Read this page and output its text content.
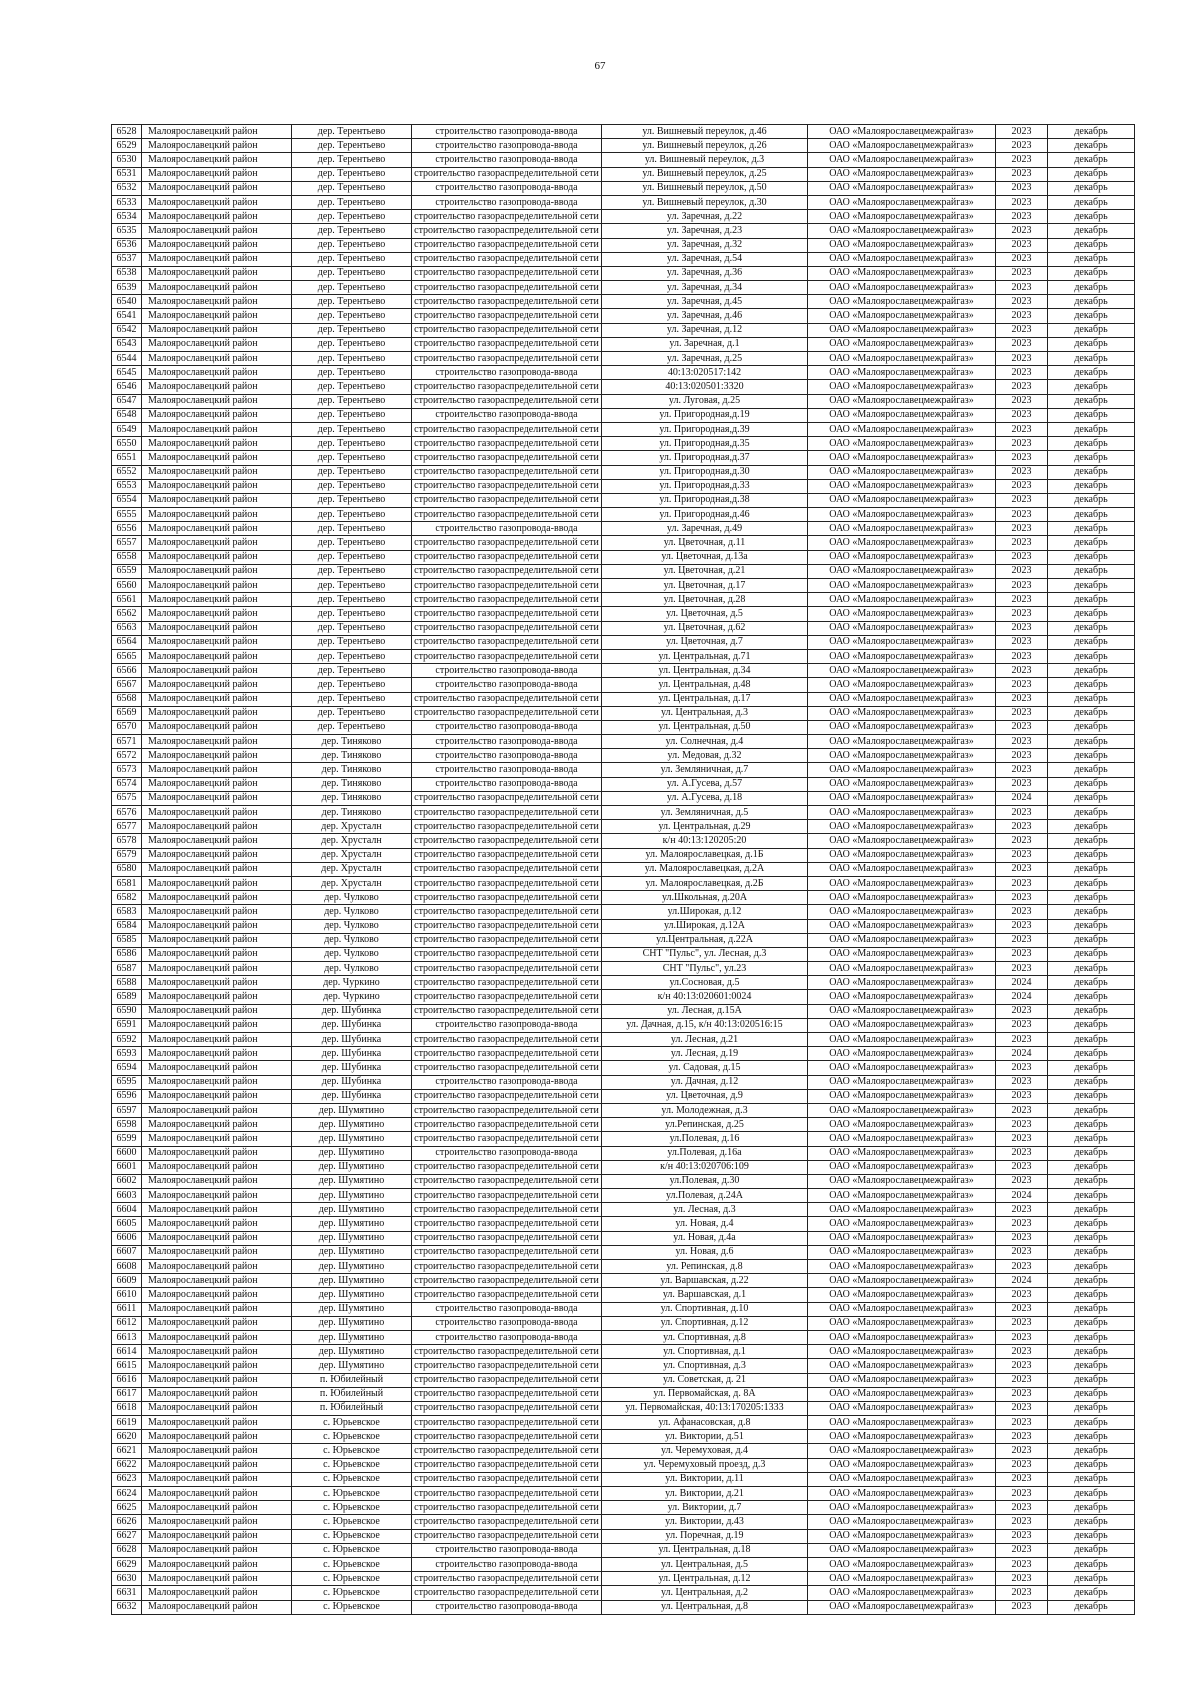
67
6528	Малоярославецкий район	дер. Терентьево	строительство газопровода-ввода	ул. Вишневый переулок, д.46	ОАО «Малоярославецмежрайгаз»	2023	декабрь
6529	Малоярославецкий район	дер. Терентьево	строительство газопровода-ввода	ул. Вишневый переулок, д.26	ОАО «Малоярославецмежрайгаз»	2023	декабрь
6530	Малоярославецкий район	дер. Терентьево	строительство газопровода-ввода	ул. Вишневый переулок, д.3	ОАО «Малоярославецмежрайгаз»	2023	декабрь
6531	Малоярославецкий район	дер. Терентьево	строительство газораспределительной сети	ул. Вишневый переулок, д.25	ОАО «Малоярославецмежрайгаз»	2023	декабрь
6532	Малоярославецкий район	дер. Терентьево	строительство газопровода-ввода	ул. Вишневый переулок, д.50	ОАО «Малоярославецмежрайгаз»	2023	декабрь
6533	Малоярославецкий район	дер. Терентьево	строительство газопровода-ввода	ул. Вишневый переулок, д.30	ОАО «Малоярославецмежрайгаз»	2023	декабрь
6534	Малоярославецкий район	дер. Терентьево	строительство газораспределительной сети	ул. Заречная, д.22	ОАО «Малоярославецмежрайгаз»	2023	декабрь
6535	Малоярославецкий район	дер. Терентьево	строительство газораспределительной сети	ул. Заречная, д.23	ОАО «Малоярославецмежрайгаз»	2023	декабрь
6536	Малоярославецкий район	дер. Терентьево	строительство газораспределительной сети	ул. Заречная, д.32	ОАО «Малоярославецмежрайгаз»	2023	декабрь
6537	Малоярославецкий район	дер. Терентьево	строительство газораспределительной сети	ул. Заречная, д.54	ОАО «Малоярославецмежрайгаз»	2023	декабрь
6538	Малоярославецкий район	дер. Терентьево	строительство газораспределительной сети	ул. Заречная, д.36	ОАО «Малоярославецмежрайгаз»	2023	декабрь
6539	Малоярославецкий район	дер. Терентьево	строительство газораспределительной сети	ул. Заречная, д.34	ОАО «Малоярославецмежрайгаз»	2023	декабрь
6540	Малоярославецкий район	дер. Терентьево	строительство газораспределительной сети	ул. Заречная, д.45	ОАО «Малоярославецмежрайгаз»	2023	декабрь
6541	Малоярославецкий район	дер. Терентьево	строительство газораспределительной сети	ул. Заречная, д.46	ОАО «Малоярославецмежрайгаз»	2023	декабрь
6542	Малоярославецкий район	дер. Терентьево	строительство газораспределительной сети	ул. Заречная, д.12	ОАО «Малоярославецмежрайгаз»	2023	декабрь
6543	Малоярославецкий район	дер. Терентьево	строительство газораспределительной сети	ул. Заречная, д.1	ОАО «Малоярославецмежрайгаз»	2023	декабрь
6544	Малоярославецкий район	дер. Терентьево	строительство газораспределительной сети	ул. Заречная, д.25	ОАО «Малоярославецмежрайгаз»	2023	декабрь
6545	Малоярославецкий район	дер. Терентьево	строительство газопровода-ввода	40:13:020517:142	ОАО «Малоярославецмежрайгаз»	2023	декабрь
6546	Малоярославецкий район	дер. Терентьево	строительство газораспределительной сети	40:13:020501:3320	ОАО «Малоярославецмежрайгаз»	2023	декабрь
6547	Малоярославецкий район	дер. Терентьево	строительство газораспределительной сети	ул. Луговая, д.25	ОАО «Малоярославецмежрайгаз»	2023	декабрь
6548	Малоярославецкий район	дер. Терентьево	строительство газопровода-ввода	ул. Пригородная,д.19	ОАО «Малоярославецмежрайгаз»	2023	декабрь
6549	Малоярославецкий район	дер. Терентьево	строительство газораспределительной сети	ул. Пригородная,д.39	ОАО «Малоярославецмежрайгаз»	2023	декабрь
6550	Малоярославецкий район	дер. Терентьево	строительство газораспределительной сети	ул. Пригородная,д.35	ОАО «Малоярославецмежрайгаз»	2023	декабрь
6551	Малоярославецкий район	дер. Терентьево	строительство газораспределительной сети	ул. Пригородная,д.37	ОАО «Малоярославецмежрайгаз»	2023	декабрь
6552	Малоярославецкий район	дер. Терентьево	строительство газораспределительной сети	ул. Пригородная,д.30	ОАО «Малоярославецмежрайгаз»	2023	декабрь
6553	Малоярославецкий район	дер. Терентьево	строительство газораспределительной сети	ул. Пригородная,д.33	ОАО «Малоярославецмежрайгаз»	2023	декабрь
6554	Малоярославецкий район	дер. Терентьево	строительство газораспределительной сети	ул. Пригородная,д.38	ОАО «Малоярославецмежрайгаз»	2023	декабрь
6555	Малоярославецкий район	дер. Терентьево	строительство газораспределительной сети	ул. Пригородная,д.46	ОАО «Малоярославецмежрайгаз»	2023	декабрь
6556	Малоярославецкий район	дер. Терентьево	строительство газопровода-ввода	ул. Заречная, д.49	ОАО «Малоярославецмежрайгаз»	2023	декабрь
6557	Малоярославецкий район	дер. Терентьево	строительство газораспределительной сети	ул. Цветочная, д.11	ОАО «Малоярославецмежрайгаз»	2023	декабрь
6558	Малоярославецкий район	дер. Терентьево	строительство газораспределительной сети	ул. Цветочная, д.13а	ОАО «Малоярославецмежрайгаз»	2023	декабрь
6559	Малоярославецкий район	дер. Терентьево	строительство газораспределительной сети	ул. Цветочная, д.21	ОАО «Малоярославецмежрайгаз»	2023	декабрь
6560	Малоярославецкий район	дер. Терентьево	строительство газораспределительной сети	ул. Цветочная, д.17	ОАО «Малоярославецмежрайгаз»	2023	декабрь
6561	Малоярославецкий район	дер. Терентьево	строительство газораспределительной сети	ул. Цветочная, д.28	ОАО «Малоярославецмежрайгаз»	2023	декабрь
6562	Малоярославецкий район	дер. Терентьево	строительство газораспределительной сети	ул. Цветочная, д.5	ОАО «Малоярославецмежрайгаз»	2023	декабрь
6563	Малоярославецкий район	дер. Терентьево	строительство газораспределительной сети	ул. Цветочная, д.62	ОАО «Малоярославецмежрайгаз»	2023	декабрь
6564	Малоярославецкий район	дер. Терентьево	строительство газораспределительной сети	ул. Цветочная, д.7	ОАО «Малоярославецмежрайгаз»	2023	декабрь
6565	Малоярославецкий район	дер. Терентьево	строительство газораспределительной сети	ул. Центральная, д.71	ОАО «Малоярославецмежрайгаз»	2023	декабрь
6566	Малоярославецкий район	дер. Терентьево	строительство газопровода-ввода	ул. Центральная, д.34	ОАО «Малоярославецмежрайгаз»	2023	декабрь
6567	Малоярославецкий район	дер. Терентьево	строительство газопровода-ввода	ул. Центральная, д.48	ОАО «Малоярославецмежрайгаз»	2023	декабрь
6568	Малоярославецкий район	дер. Терентьево	строительство газораспределительной сети	ул. Центральная, д.17	ОАО «Малоярославецмежрайгаз»	2023	декабрь
6569	Малоярославецкий район	дер. Терентьево	строительство газораспределительной сети	ул. Центральная, д.3	ОАО «Малоярославецмежрайгаз»	2023	декабрь
6570	Малоярославецкий район	дер. Терентьево	строительство газопровода-ввода	ул. Центральная, д.50	ОАО «Малоярославецмежрайгаз»	2023	декабрь
6571	Малоярославецкий район	дер. Тиняково	строительство газопровода-ввода	ул. Солнечная, д.4	ОАО «Малоярославецмежрайгаз»	2023	декабрь
6572	Малоярославецкий район	дер. Тиняково	строительство газопровода-ввода	ул. Медовая, д.32	ОАО «Малоярославецмежрайгаз»	2023	декабрь
6573	Малоярославецкий район	дер. Тиняково	строительство газопровода-ввода	ул. Земляничная, д.7	ОАО «Малоярославецмежрайгаз»	2023	декабрь
6574	Малоярославецкий район	дер. Тиняково	строительство газопровода-ввода	ул. А.Гусева, д.57	ОАО «Малоярославецмежрайгаз»	2023	декабрь
6575	Малоярославецкий район	дер. Тиняково	строительство газораспределительной сети	ул. А.Гусева, д.18	ОАО «Малоярославецмежрайгаз»	2024	декабрь
6576	Малоярославецкий район	дер. Тиняково	строительство газораспределительной сети	ул. Земляничная, д.5	ОАО «Малоярославецмежрайгаз»	2023	декабрь
6577	Малоярославецкий район	дер. Хрусталн	строительство газораспределительной сети	ул. Центральная, д.29	ОАО «Малоярославецмежрайгаз»	2023	декабрь
6578	Малоярославецкий район	дер. Хрусталн	строительство газораспределительной сети	к/н 40:13:120205:20	ОАО «Малоярославецмежрайгаз»	2023	декабрь
6579	Малоярославецкий район	дер. Хрусталн	строительство газораспределительной сети	ул. Малоярославецкая, д.1Б	ОАО «Малоярославецмежрайгаз»	2023	декабрь
6580	Малоярославецкий район	дер. Хрусталн	строительство газораспределительной сети	ул. Малоярославецкая, д.2А	ОАО «Малоярославецмежрайгаз»	2023	декабрь
6581	Малоярославецкий район	дер. Хрусталн	строительство газораспределительной сети	ул. Малоярославецкая, д.2Б	ОАО «Малоярославецмежрайгаз»	2023	декабрь
6582	Малоярославецкий район	дер. Чулково	строительство газораспределительной сети	ул.Школьная, д.20А	ОАО «Малоярославецмежрайгаз»	2023	декабрь
6583	Малоярославецкий район	дер. Чулково	строительство газораспределительной сети	ул.Широкая, д.12	ОАО «Малоярославецмежрайгаз»	2023	декабрь
6584	Малоярославецкий район	дер. Чулково	строительство газораспределительной сети	ул.Широкая, д.12А	ОАО «Малоярославецмежрайгаз»	2023	декабрь
6585	Малоярославецкий район	дер. Чулково	строительство газораспределительной сети	ул.Центральная, д.22А	ОАО «Малоярославецмежрайгаз»	2023	декабрь
6586	Малоярославецкий район	дер. Чулково	строительство газораспределительной сети	СНТ "Пульс", ул. Лесная, д.3	ОАО «Малоярославецмежрайгаз»	2023	декабрь
6587	Малоярославецкий район	дер. Чулково	строительство газораспределительной сети	СНТ "Пульс", ул.23	ОАО «Малоярославецмежрайгаз»	2023	декабрь
6588	Малоярославецкий район	дер. Чуркино	строительство газораспределительной сети	ул.Сосновая, д.5	ОАО «Малоярославецмежрайгаз»	2024	декабрь
6589	Малоярославецкий район	дер. Чуркино	строительство газораспределительной сети	к/н 40:13:020601:0024	ОАО «Малоярославецмежрайгаз»	2024	декабрь
6590	Малоярославецкий район	дер. Шубинка	строительство газораспределительной сети	ул. Лесная, д.15А	ОАО «Малоярославецмежрайгаз»	2023	декабрь
6591	Малоярославецкий район	дер. Шубинка	строительство газопровода-ввода	ул. Дачная, д.15, к/н 40:13:020516:15	ОАО «Малоярославецмежрайгаз»	2023	декабрь
6592	Малоярославецкий район	дер. Шубинка	строительство газораспределительной сети	ул. Лесная, д.21	ОАО «Малоярославецмежрайгаз»	2023	декабрь
6593	Малоярославецкий район	дер. Шубинка	строительство газораспределительной сети	ул. Лесная, д.19	ОАО «Малоярославецмежрайгаз»	2024	декабрь
6594	Малоярославецкий район	дер. Шубинка	строительство газораспределительной сети	ул. Садовая, д.15	ОАО «Малоярославецмежрайгаз»	2023	декабрь
6595	Малоярославецкий район	дер. Шубинка	строительство газопровода-ввода	ул. Дачная, д.12	ОАО «Малоярославецмежрайгаз»	2023	декабрь
6596	Малоярославецкий район	дер. Шубинка	строительство газораспределительной сети	ул. Цветочная, д.9	ОАО «Малоярославецмежрайгаз»	2023	декабрь
6597	Малоярославецкий район	дер. Шумятино	строительство газораспределительной сети	ул. Молодежная, д.3	ОАО «Малоярославецмежрайгаз»	2023	декабрь
6598	Малоярославецкий район	дер. Шумятино	строительство газораспределительной сети	ул.Репинская, д.25	ОАО «Малоярославецмежрайгаз»	2023	декабрь
6599	Малоярославецкий район	дер. Шумятино	строительство газораспределительной сети	ул.Полевая, д.16	ОАО «Малоярославецмежрайгаз»	2023	декабрь
6600	Малоярославецкий район	дер. Шумятино	строительство газопровода-ввода	ул.Полевая, д.16а	ОАО «Малоярославецмежрайгаз»	2023	декабрь
6601	Малоярославецкий район	дер. Шумятино	строительство газораспределительной сети	к/н 40:13:020706:109	ОАО «Малоярославецмежрайгаз»	2023	декабрь
6602	Малоярославецкий район	дер. Шумятино	строительство газораспределительной сети	ул.Полевая, д.30	ОАО «Малоярославецмежрайгаз»	2023	декабрь
6603	Малоярославецкий район	дер. Шумятино	строительство газораспределительной сети	ул.Полевая, д.24А	ОАО «Малоярославецмежрайгаз»	2024	декабрь
6604	Малоярославецкий район	дер. Шумятино	строительство газораспределительной сети	ул. Лесная, д.3	ОАО «Малоярославецмежрайгаз»	2023	декабрь
6605	Малоярославецкий район	дер. Шумятино	строительство газораспределительной сети	ул. Новая, д.4	ОАО «Малоярославецмежрайгаз»	2023	декабрь
6606	Малоярославецкий район	дер. Шумятино	строительство газораспределительной сети	ул. Новая, д.4а	ОАО «Малоярославецмежрайгаз»	2023	декабрь
6607	Малоярославецкий район	дер. Шумятино	строительство газораспределительной сети	ул. Новая, д.6	ОАО «Малоярославецмежрайгаз»	2023	декабрь
6608	Малоярославецкий район	дер. Шумятино	строительство газораспределительной сети	ул. Репинская, д.8	ОАО «Малоярославецмежрайгаз»	2023	декабрь
6609	Малоярославецкий район	дер. Шумятино	строительство газораспределительной сети	ул. Варшавская, д.22	ОАО «Малоярославецмежрайгаз»	2024	декабрь
6610	Малоярославецкий район	дер. Шумятино	строительство газораспределительной сети	ул. Варшавская, д.1	ОАО «Малоярославецмежрайгаз»	2023	декабрь
6611	Малоярославецкий район	дер. Шумятино	строительство газопровода-ввода	ул. Спортивная, д.10	ОАО «Малоярославецмежрайгаз»	2023	декабрь
6612	Малоярославецкий район	дер. Шумятино	строительство газопровода-ввода	ул. Спортивная, д.12	ОАО «Малоярославецмежрайгаз»	2023	декабрь
6613	Малоярославецкий район	дер. Шумятино	строительство газопровода-ввода	ул. Спортивная, д.8	ОАО «Малоярославецмежрайгаз»	2023	декабрь
6614	Малоярославецкий район	дер. Шумятино	строительство газораспределительной сети	ул. Спортивная, д.1	ОАО «Малоярославецмежрайгаз»	2023	декабрь
6615	Малоярославецкий район	дер. Шумятино	строительство газораспределительной сети	ул. Спортивная, д.3	ОАО «Малоярославецмежрайгаз»	2023	декабрь
6616	Малоярославецкий район	п. Юбилейный	строительство газораспределительной сети	ул. Советская, д. 21	ОАО «Малоярославецмежрайгаз»	2023	декабрь
6617	Малоярославецкий район	п. Юбилейный	строительство газораспределительной сети	ул. Первомайская, д. 8А	ОАО «Малоярославецмежрайгаз»	2023	декабрь
6618	Малоярославецкий район	п. Юбилейный	строительство газораспределительной сети	ул. Первомайская, 40:13:170205:1333	ОАО «Малоярославецмежрайгаз»	2023	декабрь
6619	Малоярославецкий район	с. Юрьевское	строительство газораспределительной сети	ул. Афанасовская, д.8	ОАО «Малоярославецмежрайгаз»	2023	декабрь
6620	Малоярославецкий район	с. Юрьевское	строительство газораспределительной сети	ул. Виктории, д.51	ОАО «Малоярославецмежрайгаз»	2023	декабрь
6621	Малоярославецкий район	с. Юрьевское	строительство газораспределительной сети	ул. Черемуховая, д.4	ОАО «Малоярославецмежрайгаз»	2023	декабрь
6622	Малоярославецкий район	с. Юрьевское	строительство газораспределительной сети	ул. Черемуховый проезд, д.3	ОАО «Малоярославецмежрайгаз»	2023	декабрь
6623	Малоярославецкий район	с. Юрьевское	строительство газораспределительной сети	ул. Виктории, д.11	ОАО «Малоярославецмежрайгаз»	2023	декабрь
6624	Малоярославецкий район	с. Юрьевское	строительство газораспределительной сети	ул. Виктории, д.21	ОАО «Малоярославецмежрайгаз»	2023	декабрь
6625	Малоярославецкий район	с. Юрьевское	строительство газораспределительной сети	ул. Виктории, д.7	ОАО «Малоярославецмежрайгаз»	2023	декабрь
6626	Малоярославецкий район	с. Юрьевское	строительство газораспределительной сети	ул. Виктории, д.43	ОАО «Малоярославецмежрайгаз»	2023	декабрь
6627	Малоярославецкий район	с. Юрьевское	строительство газораспределительной сети	ул. Поречная, д.19	ОАО «Малоярославецмежрайгаз»	2023	декабрь
6628	Малоярославецкий район	с. Юрьевское	строительство газопровода-ввода	ул. Центральная, д.18	ОАО «Малоярославецмежрайгаз»	2023	декабрь
6629	Малоярославецкий район	с. Юрьевское	строительство газопровода-ввода	ул. Центральная, д.5	ОАО «Малоярославецмежрайгаз»	2023	декабрь
6630	Малоярославецкий район	с. Юрьевское	строительство газораспределительной сети	ул. Центральная, д.12	ОАО «Малоярославецмежрайгаз»	2023	декабрь
6631	Малоярославецкий район	с. Юрьевское	строительство газораспределительной сети	ул. Центральная, д.2	ОАО «Малоярославецмежрайгаз»	2023	декабрь
6632	Малоярославецкий район	с. Юрьевское	строительство газопровода-ввода	ул. Центральная, д.8	ОАО «Малоярославецмежрайгаз»	2023	декабрь
